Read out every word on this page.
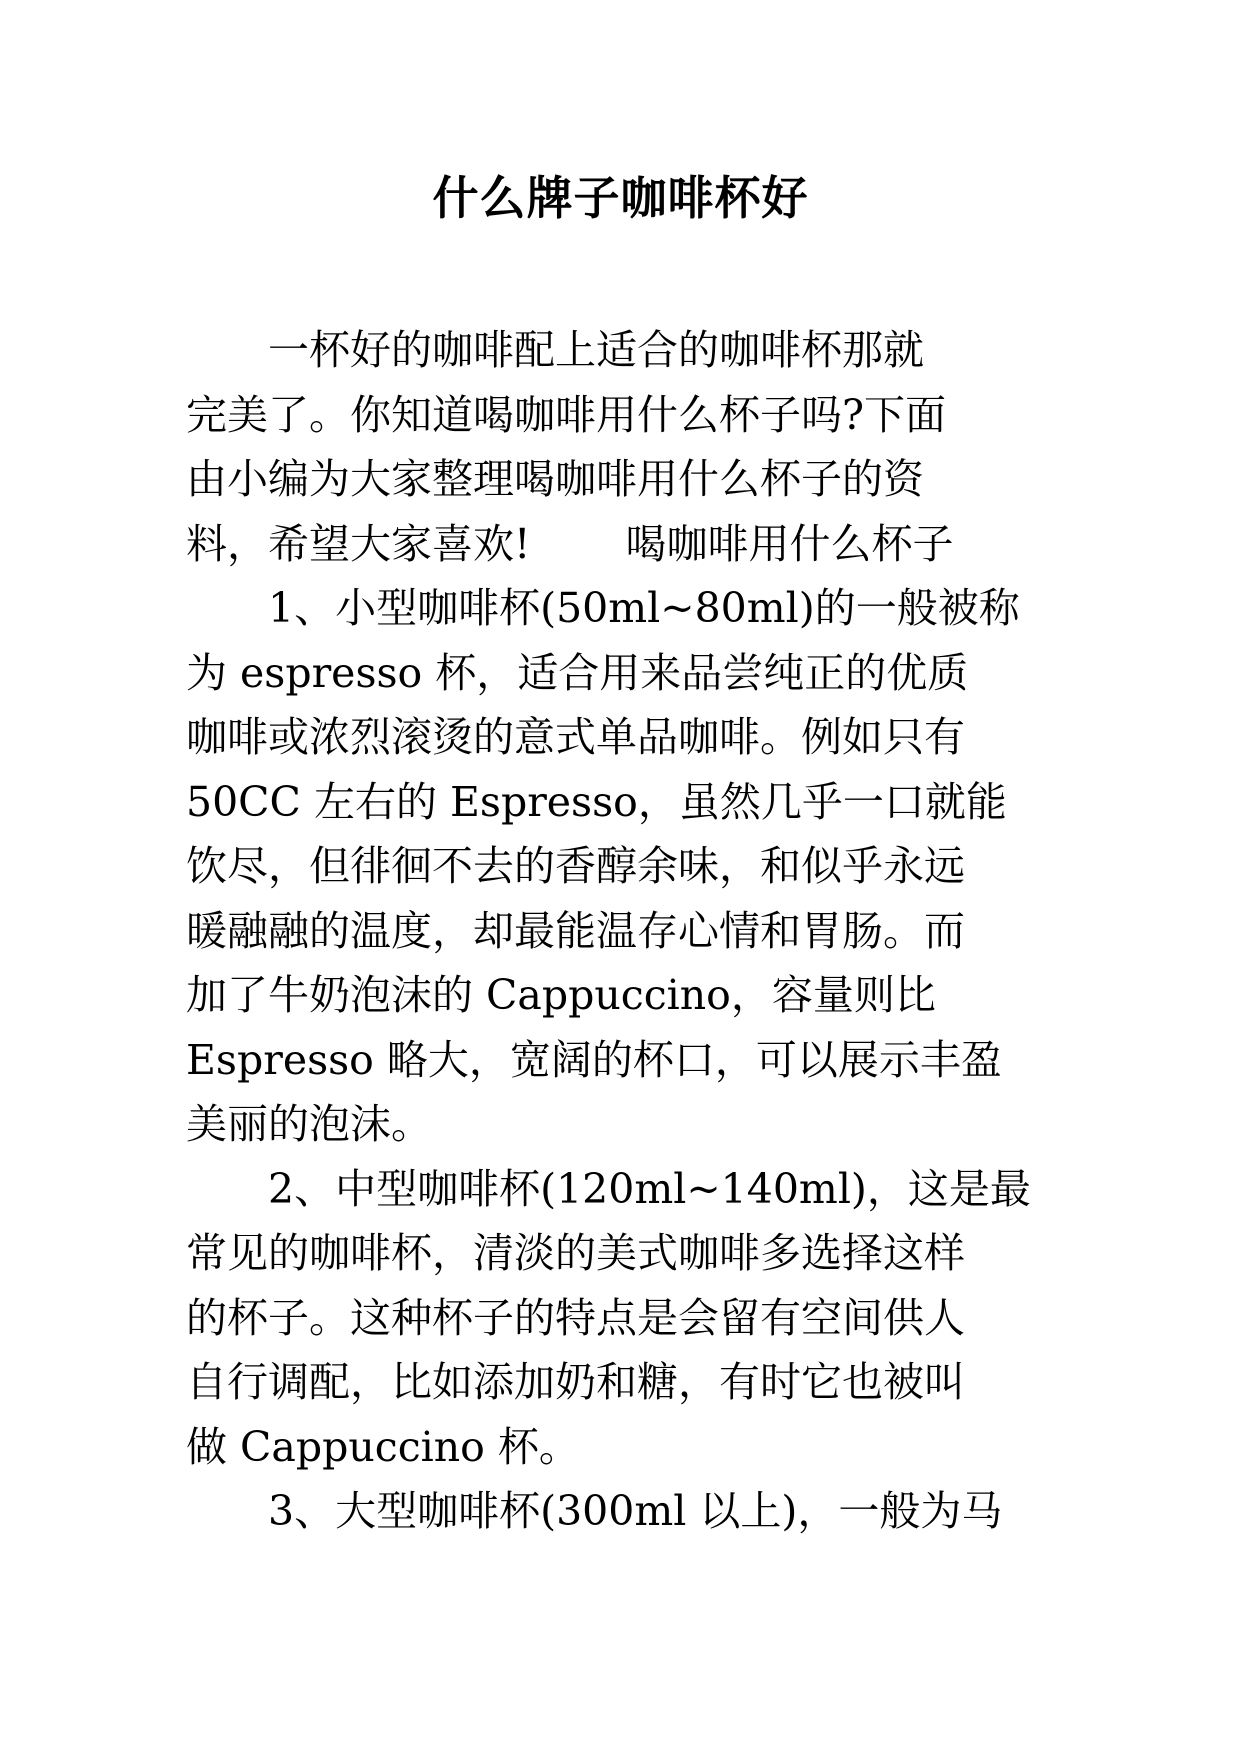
什么牌子咖啡杯好

一杯好的咖啡配上适合的咖啡杯那就
完美了。你知道喝咖啡用什么杯子吗?下面
由小编为大家整理喝咖啡用什么杯子的资
料，希望大家喜欢!　　 喝咖啡用什么杯子

1、小型咖啡杯(50ml~80ml)的一般被称
为 espresso 杯，适合用来品尝纯正的优质
咖啡或浓烈滚烫的意式单品咖啡。例如只有
50CC 左右的 Espresso，虽然几乎一口就能
饮尽，但徘徊不去的香醇余味，和似乎永远
暖融融的温度，却最能温存心情和胃肠。而
加了牛奶泡沫的 Cappuccino，容量则比
Espresso 略大，宽阔的杯口，可以展示丰盈
美丽的泡沫。

2、中型咖啡杯(120ml~140ml)，这是最
常见的咖啡杯，清淡的美式咖啡多选择这样
的杯子。这种杯子的特点是会留有空间供人
自行调配，比如添加奶和糖，有时它也被叫
做 Cappuccino 杯。

3、大型咖啡杯(300ml 以上)，一般为马
